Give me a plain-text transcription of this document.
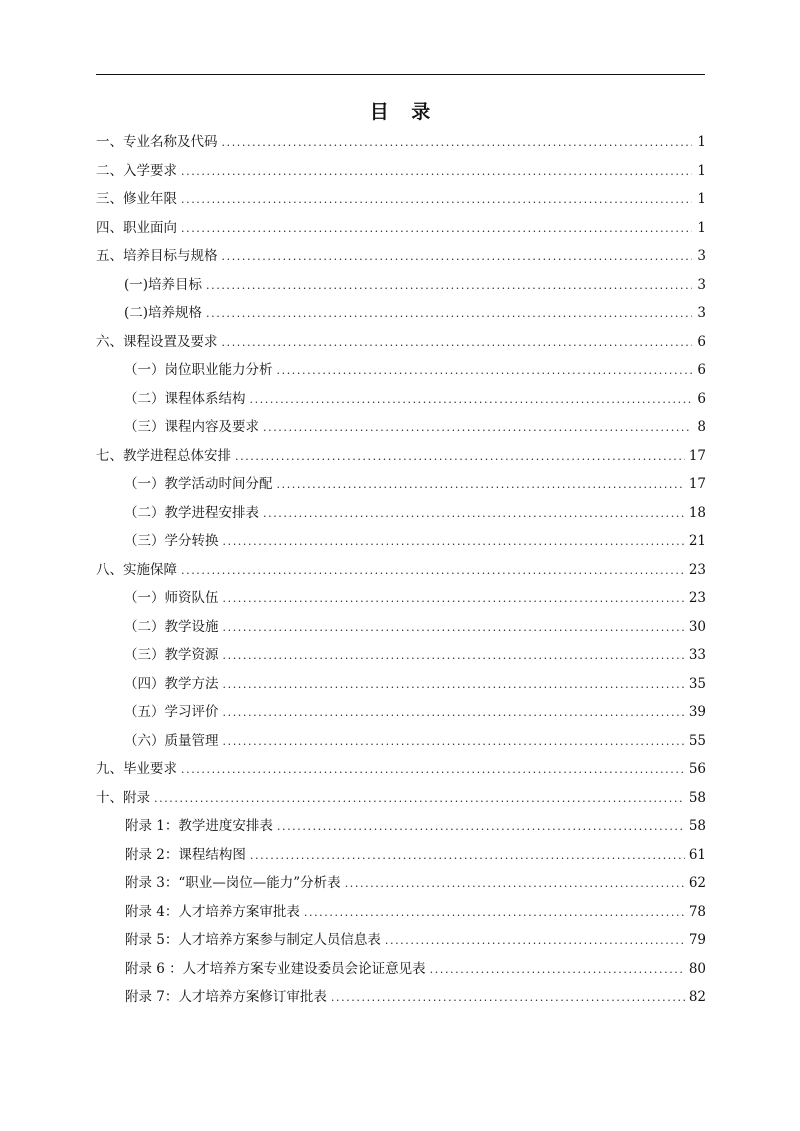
目 录
一、专业名称及代码 .....	1
二、入学要求 .....	1
三、修业年限 .....	1
四、职业面向 .....	1
五、培养目标与规格 .....	3
(一)培养目标 .....	3
(二)培养规格 .....	3
六、课程设置及要求 .....	6
（一）岗位职业能力分析 .....	6
（二）课程体系结构 .....	6
（三）课程内容及要求 .....	8
七、教学进程总体安排 .....	17
（一）教学活动时间分配 .....	17
（二）教学进程安排表 .....	18
（三）学分转换 .....	21
八、实施保障 .....	23
（一）师资队伍 .....	23
（二）教学设施 .....	30
（三）教学资源 .....	33
（四）教学方法 .....	35
（五）学习评价 .....	39
（六）质量管理 .....	55
九、毕业要求 .....	56
十、附录 .....	58
附录 1：教学进度安排表 .....	58
附录 2：课程结构图 .....	61
附录 3：“职业—岗位—能力”分析表 .....	62
附录 4：人才培养方案审批表 .....	78
附录 5：人才培养方案参与制定人员信息表 .....	79
附录 6 ：人才培养方案专业建设委员会论证意见表 .....	80
附录 7：人才培养方案修订审批表 .....	82
